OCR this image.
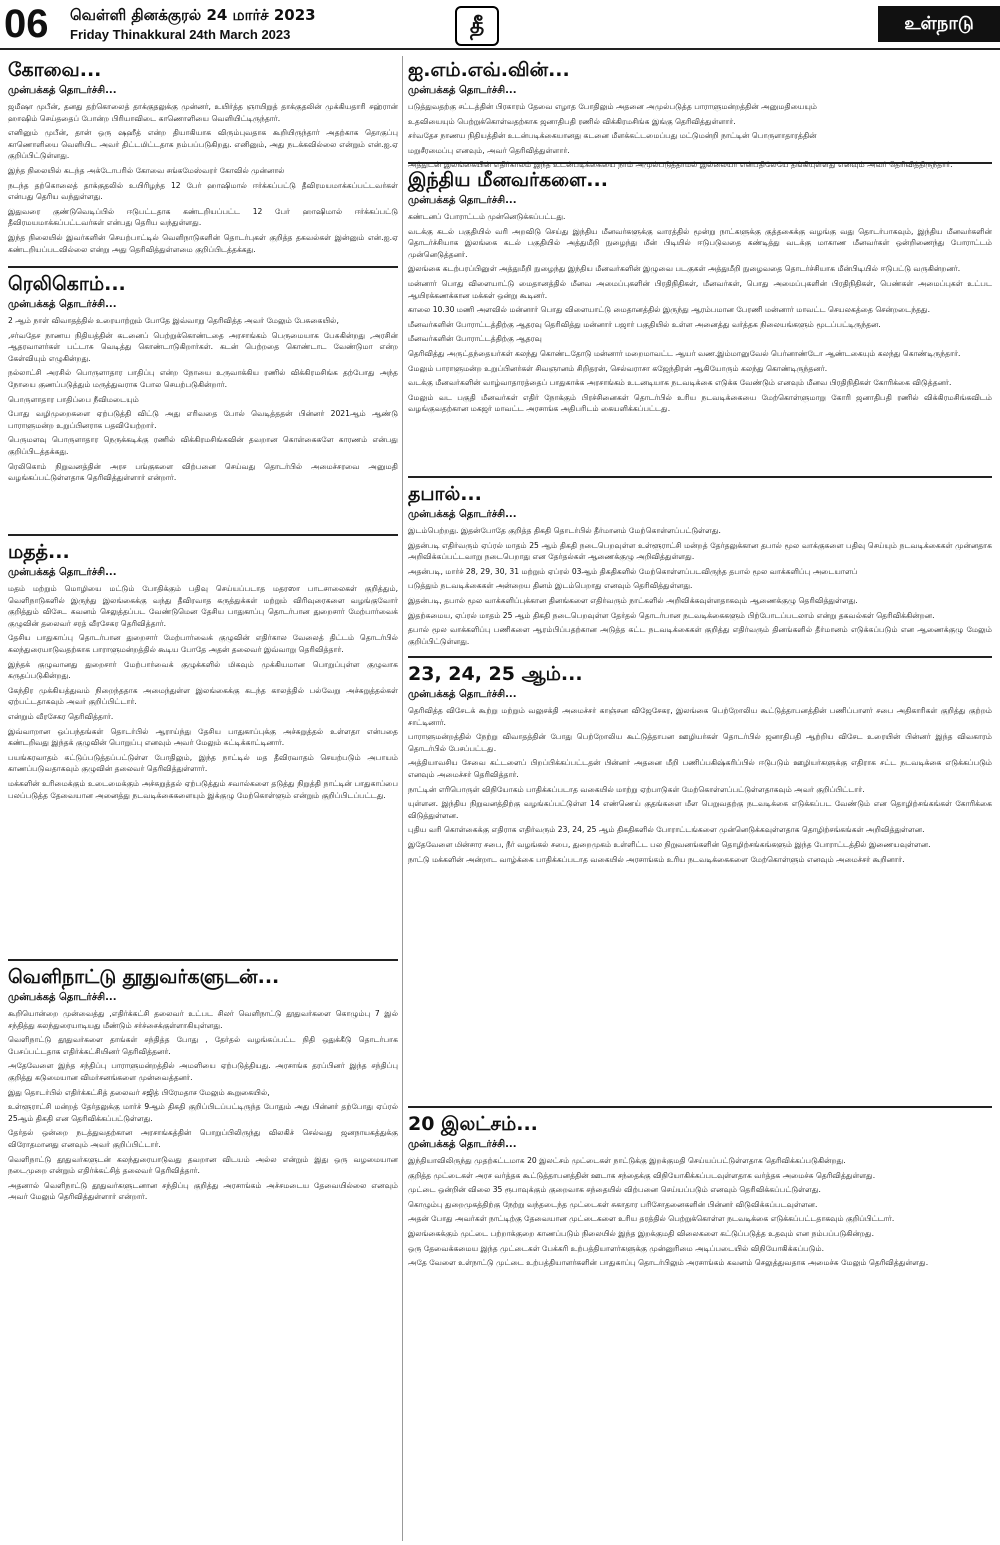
06 வெள்ளி தினக்குரல் 24 மார்ச் 2023
Friday Thinakkural 24th March 2023	தீ	உள்நாடு
கோவை...
முன்பக்கத் தொடர்ச்சி...

ஜமீஷா முபீன், தனது தற்கொலைத் தாக்குதலுக்கு முன்னர், உயிர்த்த ஞாயிறுத் தாக்குதலின் முக்கியதாரி சஹ்ரான் ஹாஷிம் செய்ததைப் போன்ற பிரியாவிடை காணொளியை வெளியிட்டிருந்தார்.

எனினும் முபீன், தான் ஒரு ஷஹீத் என்ற தியாகியாக விரும்புவதாக கூறியிருந்தார் அதற்காக தொகுப்பு காணொளியை வெளியிட அவர் திட்டமிட்டதாக நம்பப்படுகிறது. எனினும், அது நடக்கவில்லை என்றும் என்.ஐ.ஏ குறிப்பிட்டுள்ளது.

இந்த நிலையில் கடந்த அக்டோபரில் கோவை சங்கமேஸ்வரர் கோவில் முன்னால்

நடந்த தற்கொலைத் தாக்குதலில் உயிரிழந்த 12 பேர் ஹாஷிமால் ஈர்க்கப்பட்டு தீவிரமயமாக்கப்பட்டவர்கள் என்பது தெரிய வந்துள்ளது.

இதுவரை குண்டுவெடிப்பில் ஈடுபட்டதாக கண்டறியப்பட்ட 12 பேர் ஹாஷிமால் ஈர்க்கப்பட்டு தீவிரமயமாக்கப்பட்டவர்கள் என்பது தெரிய வந்துள்ளது.

இந்த நிலையில் இவர்களின் செயற்பாட்டில் வெளிநாடுகளின் தொடர்புகள் குறித்த தகவல்கள் இன்னும் என்.ஐ.ஏ கண்டறியப்படவில்லை என்று அது தெரிவித்துள்ளமை குறிப்பிடத்தக்கது.

ஐ.எம்.எவ்.வின்...
முன்பக்கத் தொடர்ச்சி...

படுத்துவதற்கு சட்டத்தின் பிரகாரம் தேவை எழாத போதிலும் அதனை அமுல்படுத்த பாராளுமன்றத்தின் அனுமதியையும்

உதவியையும் பெற்றுக்கொள்வதற்காக ஜனாதிபதி ரணில் விக்கிரமசிங்க இங்கு தெரிவித்துள்ளார்.

சர்வதேச நாணய நிதியத்தின் உடன்படிக்கையானது கடனை மீளக்கட்டமைப்பது மட்டுமன்றி நாட்டின் பொருளாதாரத்தின்

மறுசீரமைப்பு எனவும், அவர் தெரிவித்துள்ளார்.

அத்துடன் இலங்கையின் எதிர்காலம் இந்த உடன்படிக்கையை நாம் அமுல்படுத்தாமல் இல்லையா என்பதிலேயே தங்கியுள்ளது எனவும் அவர் தெரிவித்திருந்தார்.

ரெலிகொம்...
முன்பக்கத் தொடர்ச்சி...

2 ஆம் நாள் விவாதத்தில் உரையாற்றும் போதே இவ்வாறு தெரிவித்த அவர் மேலும் பேசுகையில்,

,சர்வதேச நாணய நிதியத்தின் கடனைப் பெற்றுக்கொண்டதை அரசாங்கம் பெருமையாக பேசுகின்றது ,அரசின் ஆதரவாளர்கள் பட்டாசு வெடித்து கொண்டாடுகிறார்கள். கடன் பெற்றதை கொண்டாட வேண்டுமா என்ற கேள்வியும் எழுகின்றது.

நல்லாட்சி அரசில் பொருளாதார பாதிப்பு என்ற நோயை உருவாக்கிய ரணில் விக்கிரமசிங்க தற்போது அந்த நோயை குணப்படுத்தும் மருத்துவராக போல செயற்படுகின்றார்.

பொருளாதார பாதிப்பை நீவிமடையும்

போது வழிமுறைகளை ஏற்படுத்தி விட்டு அது எரிவதை போல் வெடித்ததன் பின்னர் 2021ஆம் ஆண்டு பாராளுமன்ற உறுப்பினராக பதவியேற்றார்.

பெருமளவு பொருளாதார நெருக்கடிக்கு ரணில் விக்கிரமசிங்கவின் தவறான கொள்கைகளே காரணம் என்பது குறிப்பிடத்தக்கது.

ரெலிகொம் நிறுவனத்தின் அரச பங்குகளை விற்பனை செய்வது தொடர்பில் அமைச்சரவை அனுமதி வழங்கப்பட்டுள்ளதாக தெரிவித்துள்ளார் என்றார்.

இந்திய மீனவர்களை...
முன்பக்கத் தொடர்ச்சி...

கண்டனப் போராட்டம் முன்னெடுக்கப்பட்டது.

வடக்கு கடல் பகுதியில் வரி அறவிடு செய்து இந்திய மீனவர்களுக்கு வாரத்தில் மூன்று நாட்களுக்கு குத்தகைக்கு வழங்கு வது தொடர்பாகவும், இந்திய மீனவர்களின் தொடர்ச்சியாக இலங்கை கடல் பகுதியில் அத்துமீறி நுழைந்து மீன் பிடியில் ஈடுபடுவதை கண்டித்து வடக்கு மாகாண மீனவர்கள் ஒன்றிணைந்து போராட்டம் முன்னெடுத்தனர்.

இலங்கை கடற்பரப்பினுள் அத்துமீறி நுழைந்து இந்திய மீனவர்களின் இழுவை படகுகள் அத்துமீறி நுழைவதை தொடர்ச்சியாக மீன்பிடியில் ஈடுபட்டு வருகின்றனர்.

மன்னார் பொது விளையாட்டு மைதானத்தில் மீனவ அமைப்புகளின் பிரதிநிதிகள், மீனவர்கள், பொது அமைப்புகளின் பிரதிநிதிகள், பெண்கள் அமைப்புகள் உட்பட ஆயிரக்கணக்கான மக்கள் ஒன்று கூடினர்.

காலை 10.30 மணி அளவில் மன்னார் பொது விளையாட்டு மைதானத்தில் இருந்து ஆரம்பமான பேரணி மன்னார் மாவட்ட செயலகத்தை சென்றடைந்தது.

மீனவர்களின் போராட்டத்திற்கு ஆதரவு தெரிவித்து மன்னார் பஜார் பகுதியில் உள்ள அனைத்து வர்த்தக நிலையங்களும் மூடப்பட்டிருந்தன.

மீனவர்களின் போராட்டத்திற்கு ஆதரவு

தெரிவித்து அருட்தந்தையர்கள் கலந்து கொண்டதோடு மன்னார் மறைமாவட்ட ஆயர் வண.இம்மானுவேல் பெர்னாண்டோ ஆண்டகையும் கலந்து கொண்டிருந்தார்.

மேலும் பாராளுமன்ற உறுப்பினர்கள் சிவஞானம் சிறிதரன், செல்வராசா கஜேந்திரன் ஆகியோரும் கலந்து கொண்டிருந்தனர்.

வடக்கு மீனவர்களின் வாழ்வாதாரத்தைப் பாதுகாக்க அரசாங்கம் உடனடியாக நடவடிக்கை எடுக்க வேண்டும் எனவும் மீனவ பிரதிநிதிகள் கோரிக்கை விடுத்தனர்.

மேலும் வட பகுதி மீனவர்கள் எதிர் நோக்கும் பிரச்சினைகள் தொடர்பில் உரிய நடவடிக்கையை மேற்கொள்ளுமாறு கோரி ஜனாதிபதி ரணில் விக்கிரமசிங்கவிடம் வழங்குவதற்கான மகஜர் மாவட்ட அரசாங்க அதிபரிடம் கையளிக்கப்பட்டது.

மதத்...
முன்பக்கத் தொடர்ச்சி...

மதம் மற்றும் மொழியை மட்டும் போதிக்கும் பதிவு செய்யப்படாத மதரஸா பாடசாலைகள் குறித்தும், வெளிநாடுகளில் இருந்து இலங்கைக்கு வந்து தீவிரவாத கருத்துக்கள் மற்றும் விரிவுரைகளை வழங்குவோர் குறித்தும் விசேட கவனம் செலுத்தப்பட வேண்டுமென தேசிய பாதுகாப்பு தொடர்பான துறைசார் மேற்பார்வைக் குழுவின் தலைவர் சரத் வீரசேகர தெரிவித்தார்.

தேசிய பாதுகாப்பு தொடர்பான துறைசார் மேற்பார்வைக் குழுவின் எதிர்கால வேலைத் திட்டம் தொடர்பில் கலந்துரையாடுவதற்காக பாராளுமன்றத்தில் கூடிய போதே அதன் தலைவர் இவ்வாறு தெரிவித்தார்.

இந்தக் குழுவானது துறைசார் மேற்பார்வைக் குழுக்களில் மிகவும் முக்கியமான பொறுப்புள்ள குழுவாக கருதப்படுகின்றது.

கேந்திர முக்கியத்துவம் நிறைந்ததாக அமைந்துள்ள இலங்கைக்கு கடந்த காலத்தில் பல்வேறு அச்சுறுத்தல்கள் ஏற்பட்டதாகவும் அவர் குறிப்பிட்டார்.

என்றும் வீரசேகர தெரிவித்தார்.

இவ்வாறான ஒப்பந்தங்கள் தொடர்பில் ஆராய்ந்து தேசிய பாதுகாப்புக்கு அச்சுறுத்தல் உள்ளதா என்பதை கண்டறிவது இந்தக் குழுவின் பொறுப்பு எனவும் அவர் மேலும் சுட்டிக்காட்டினார்.

பயங்கரவாதம் கட்டுப்படுத்தப்பட்டுள்ள போதிலும், இந்த நாட்டில் மத தீவிரவாதம் செயற்படும் அபாயம் காணப்படுவதாகவும் குழுவின் தலைவர் தெரிவித்துள்ளார்.

மக்களின் உரிமைக்கும் உடைமைக்கும் அச்சுறுத்தல் ஏற்படுத்தும் சவால்களை தடுத்து நிறுத்தி நாட்டின் பாதுகாப்பை பலப்படுத்த தேவையான அனைத்து நடவடிக்கைகளையும் இக்குழு மேற்கொள்ளும் என்றும் குறிப்பிடப்பட்டது.

தபால்...
முன்பக்கத் தொடர்ச்சி...

இடம்பெற்றது. இதன்போதே குறித்த திகதி தொடர்பில் தீர்மானம் மேற்கொள்ளப்பட்டுள்ளது.

இதன்படி எதிர்வரும் ஏப்ரல் மாதம் 25 ஆம் திகதி நடைபெறவுள்ள உள்ளூராட்சி மன்றத் தேர்தலுக்கான தபால் மூல வாக்குகளை பதிவு செய்யும் நடவடிக்கைகள் முன்னதாக அறிவிக்கப்பட்டவாறு நடைபெறாது என தேர்தல்கள் ஆணைக்குழு அறிவித்துள்ளது.

அதன்படி, மார்ச் 28, 29, 30, 31 மற்றும் ஏப்ரல் 03ஆம் திகதிகளில் மேற்கொள்ளப்படவிருந்த தபால் மூல வாக்களிப்பு அடையாளப்

படுத்தும் நடவடிக்கைகள் அன்றைய தினம் இடம்பெறாது எனவும் தெரிவித்துள்ளது.

இதன்படி, தபால் மூல வாக்களிப்புக்கான தினங்களை எதிர்வரும் நாட்களில் அறிவிக்கவுள்ளதாகவும் ஆணைக்குழு தெரிவித்துள்ளது.

இதற்கமைய, ஏப்ரல் மாதம் 25 ஆம் திகதி நடைபெறவுள்ள தேர்தல் தொடர்பான நடவடிக்கைகளும் பிற்போடப்படலாம் என்று தகவல்கள் தெரிவிக்கின்றன.

தபால் மூல வாக்களிப்பு பணிகளை ஆரம்பிப்பதற்கான அடுத்த கட்ட நடவடிக்கைகள் குறித்து எதிர்வரும் தினங்களில் தீர்மானம் எடுக்கப்படும் என ஆணைக்குழு மேலும் குறிப்பிட்டுள்ளது.

23, 24, 25 ஆம்...
முன்பக்கத் தொடர்ச்சி...

தெரிவித்த விசேடக் கூற்று மற்றும் வலுசக்தி அமைச்சர் காஞ்சன விஜேசேகர, இலங்கை பெற்றோலிய கூட்டுத்தாபனத்தின் பணிப்பாளர் சபை அதிகாரிகள் குறித்து குற்றம் சாட்டினார்.

பாராளுமன்றத்தில் நேற்று விவாதத்தின் போது பெற்றோலிய கூட்டுத்தாபன ஊழியர்கள் தொடர்பில் ஜனாதிபதி ஆற்றிய விசேட உரையின் பின்னர் இந்த விவகாரம் தொடர்பில் பேசப்பட்டது.

அத்தியாவசிய சேவை கட்டளைப் பிறப்பிக்கப்பட்டதன் பின்னர் அதனை மீறி பணிப்பகிஷ்கரிப்பில் ஈடுபடும் ஊழியர்களுக்கு எதிராக சட்ட நடவடிக்கை எடுக்கப்படும் எனவும் அமைச்சர் தெரிவித்தார்.

நாட்டின் எரிபொருள் விநியோகம் பாதிக்கப்படாத வகையில் மாற்று ஏற்பாடுகள் மேற்கொள்ளப்பட்டுள்ளதாகவும் அவர் குறிப்பிட்டார்.

யுள்ளன. இந்திய நிறுவனத்திற்கு வழங்கப்பட்டுள்ள 14 எண்ணெய் குதங்களை மீள பெறுவதற்கு நடவடிக்கை எடுக்கப்பட வேண்டும் என தொழிற்சங்கங்கள் கோரிக்கை விடுத்துள்ளன.

புதிய வரி கொள்கைக்கு எதிராக எதிர்வரும் 23, 24, 25 ஆம் திகதிகளில் போராட்டங்களை முன்னெடுக்கவுள்ளதாக தொழிற்சங்கங்கள் அறிவித்துள்ளன.

இதேவேளை மின்சார சபை, நீர் வழங்கல் சபை, துறைமுகம் உள்ளிட்ட பல நிறுவனங்களின் தொழிற்சங்கங்களும் இந்த போராட்டத்தில் இணையவுள்ளன.

நாட்டு மக்களின் அன்றாட வாழ்க்கை பாதிக்கப்படாத வகையில் அரசாங்கம் உரிய நடவடிக்கைகளை மேற்கொள்ளும் எனவும் அமைச்சர் கூறினார்.

வெளிநாட்டு தூதுவர்களுடன்...
முன்பக்கத் தொடர்ச்சி...

கூறியொன்றை முன்வைத்து ,எதிர்க்கட்சி தலைவர் உட்பட சிலர் வெளிநாட்டு தூதுவர்களை கொழும்பு 7 இல் சந்தித்து கலந்துரையாடியது மீண்டும் சர்ச்சைக்குள்ளாகியுள்ளது.

வெளிநாட்டு தூதுவர்களை தாங்கள் சந்தித்த போது , தேர்தல் வழங்கப்பட்ட நிதி ஒதுக்கீடு தொடர்பாக பேசப்பட்டதாக எதிர்க்கட்சியினர் தெரிவித்தனர்.

அதேவேளை இந்த சந்திப்பு பாராளுமன்றத்தில் அமளியை ஏற்படுத்தியது. அரசாங்க தரப்பினர் இந்த சந்திப்பு குறித்து கடுமையான விமர்சனங்களை முன்வைத்தனர்.

இது தொடர்பில் எதிர்க்கட்சித் தலைவர் சஜித் பிரேமதாச மேலும் கூறுகையில்,

உள்ளூராட்சி மன்றத் தேர்தலுக்கு மார்ச் 9ஆம் திகதி குறிப்பிடப்பட்டிருந்த போதும் அது பின்னர் தற்போது ஏப்ரல் 25ஆம் திகதி என தெரிவிக்கப்பட்டுள்ளது.

தேர்தல் ஒன்றை நடத்துவதற்கான அரசாங்கத்தின் பொறுப்பிலிருந்து விலகிச் செல்வது ஜனநாயகத்துக்கு விரோதமானது எனவும் அவர் குறிப்பிட்டார்.

வெளிநாட்டு தூதுவர்களுடன் கலந்துரையாடுவது தவறான விடயம் அல்ல என்றும் இது ஒரு வழமையான நடைமுறை என்றும் எதிர்க்கட்சித் தலைவர் தெரிவித்தார்.

அதனால் வெளிநாட்டு தூதுவர்களுடனான சந்திப்பு குறித்து அரசாங்கம் அச்சமடைய தேவையில்லை எனவும் அவர் மேலும் தெரிவித்துள்ளார் என்றார்.

20 இலட்சம்...
முன்பக்கத் தொடர்ச்சி...

இந்தியாவிலிருந்து முதற்கட்டமாக 20 இலட்சம் முட்டைகள் நாட்டுக்கு இறக்குமதி செய்யப்பட்டுள்ளதாக தெரிவிக்கப்படுகின்றது.

குறித்த முட்டைகள் அரச வர்த்தக கூட்டுத்தாபனத்தின் ஊடாக சந்தைக்கு விநியோகிக்கப்படவுள்ளதாக வர்த்தக அமைச்சு தெரிவித்துள்ளது.

முட்டை ஒன்றின் விலை 35 ரூபாவுக்கும் குறைவாக சந்தையில் விற்பனை செய்யப்படும் எனவும் தெரிவிக்கப்பட்டுள்ளது.

கொழும்பு துறைமுகத்திற்கு நேற்று வந்தடைந்த முட்டைகள் சுகாதார பரிசோதனைகளின் பின்னர் விடுவிக்கப்படவுள்ளன.

அதன் போது அவர்கள் நாட்டிற்கு தேவையான முட்டைகளை உரிய தரத்தில் பெற்றுக்கொள்ள நடவடிக்கை எடுக்கப்பட்டதாகவும் குறிப்பிட்டார்.

இலங்கைக்கும் முட்டை பற்றாக்குறை காணப்படும் நிலையில் இந்த இறக்குமதி விலைகளை கட்டுப்படுத்த உதவும் என நம்பப்படுகின்றது.

ஒரு தேவைக்கமைய இந்த முட்டைகள் பேக்கரி உற்பத்தியாளர்களுக்கு முன்னுரிமை அடிப்படையில் விநியோகிக்கப்படும்.

அதே வேளை உள்நாட்டு முட்டை உற்பத்தியாளர்களின் பாதுகாப்பு தொடர்பிலும் அரசாங்கம் கவனம் செலுத்துவதாக அமைச்சு மேலும் தெரிவித்துள்ளது.
